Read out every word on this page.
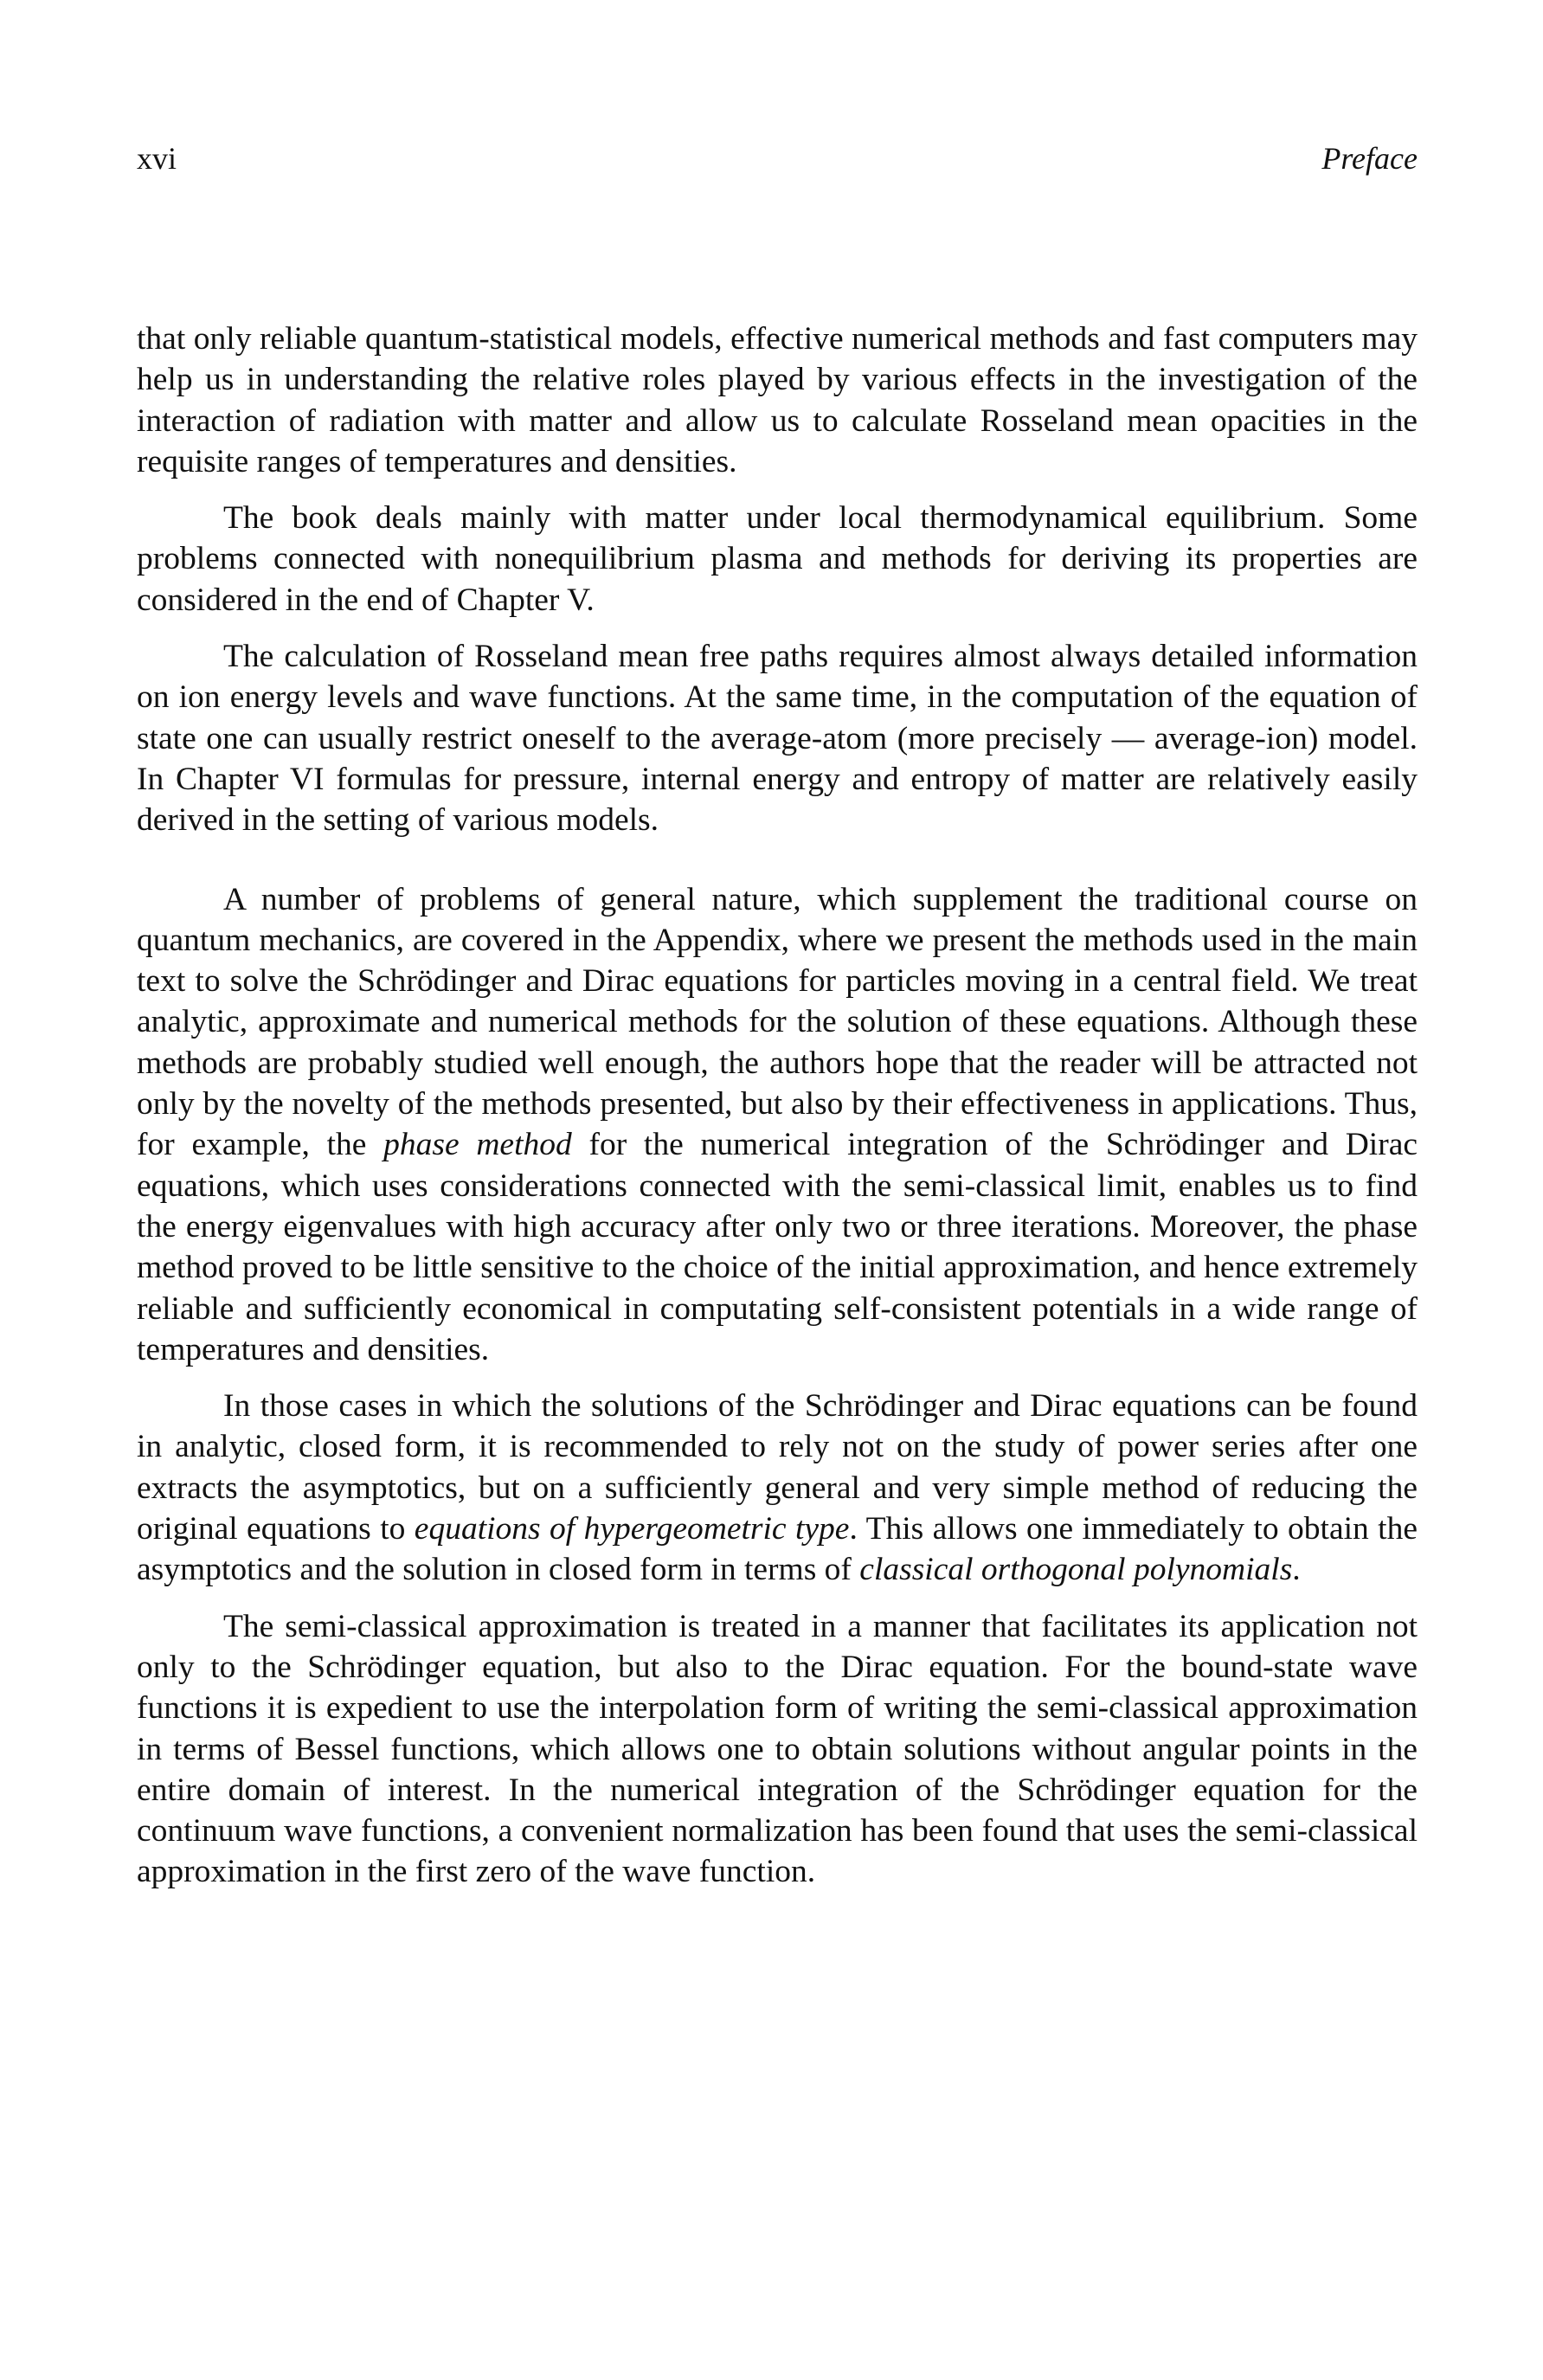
xvi	Preface

that only reliable quantum-statistical models, effective numerical methods and fast computers may help us in understanding the relative roles played by various effects in the investigation of the interaction of radiation with matter and allow us to calculate Rosseland mean opacities in the requisite ranges of temperatures and densities.

The book deals mainly with matter under local thermodynamical equilibrium. Some problems connected with nonequilibrium plasma and methods for deriving its properties are considered in the end of Chapter V.

The calculation of Rosseland mean free paths requires almost always detailed information on ion energy levels and wave functions. At the same time, in the computation of the equation of state one can usually restrict oneself to the average-atom (more precisely — average-ion) model. In Chapter VI formulas for pressure, internal energy and entropy of matter are relatively easily derived in the setting of various models.

A number of problems of general nature, which supplement the traditional course on quantum mechanics, are covered in the Appendix, where we present the methods used in the main text to solve the Schrödinger and Dirac equations for particles moving in a central field. We treat analytic, approximate and numerical methods for the solution of these equations. Although these methods are probably studied well enough, the authors hope that the reader will be attracted not only by the novelty of the methods presented, but also by their effectiveness in applications. Thus, for example, the phase method for the numerical integration of the Schrödinger and Dirac equations, which uses considerations connected with the semi-classical limit, enables us to find the energy eigenvalues with high accuracy after only two or three iterations. Moreover, the phase method proved to be little sensitive to the choice of the initial approximation, and hence extremely reliable and sufficiently economical in computating self-consistent potentials in a wide range of temperatures and densities.

In those cases in which the solutions of the Schrödinger and Dirac equations can be found in analytic, closed form, it is recommended to rely not on the study of power series after one extracts the asymptotics, but on a sufficiently general and very simple method of reducing the original equations to equations of hypergeometric type. This allows one immediately to obtain the asymptotics and the solution in closed form in terms of classical orthogonal polynomials.

The semi-classical approximation is treated in a manner that facilitates its application not only to the Schrödinger equation, but also to the Dirac equation. For the bound-state wave functions it is expedient to use the interpolation form of writing the semi-classical approximation in terms of Bessel functions, which allows one to obtain solutions without angular points in the entire domain of interest. In the numerical integration of the Schrödinger equation for the continuum wave functions, a convenient normalization has been found that uses the semi-classical approximation in the first zero of the wave function.
